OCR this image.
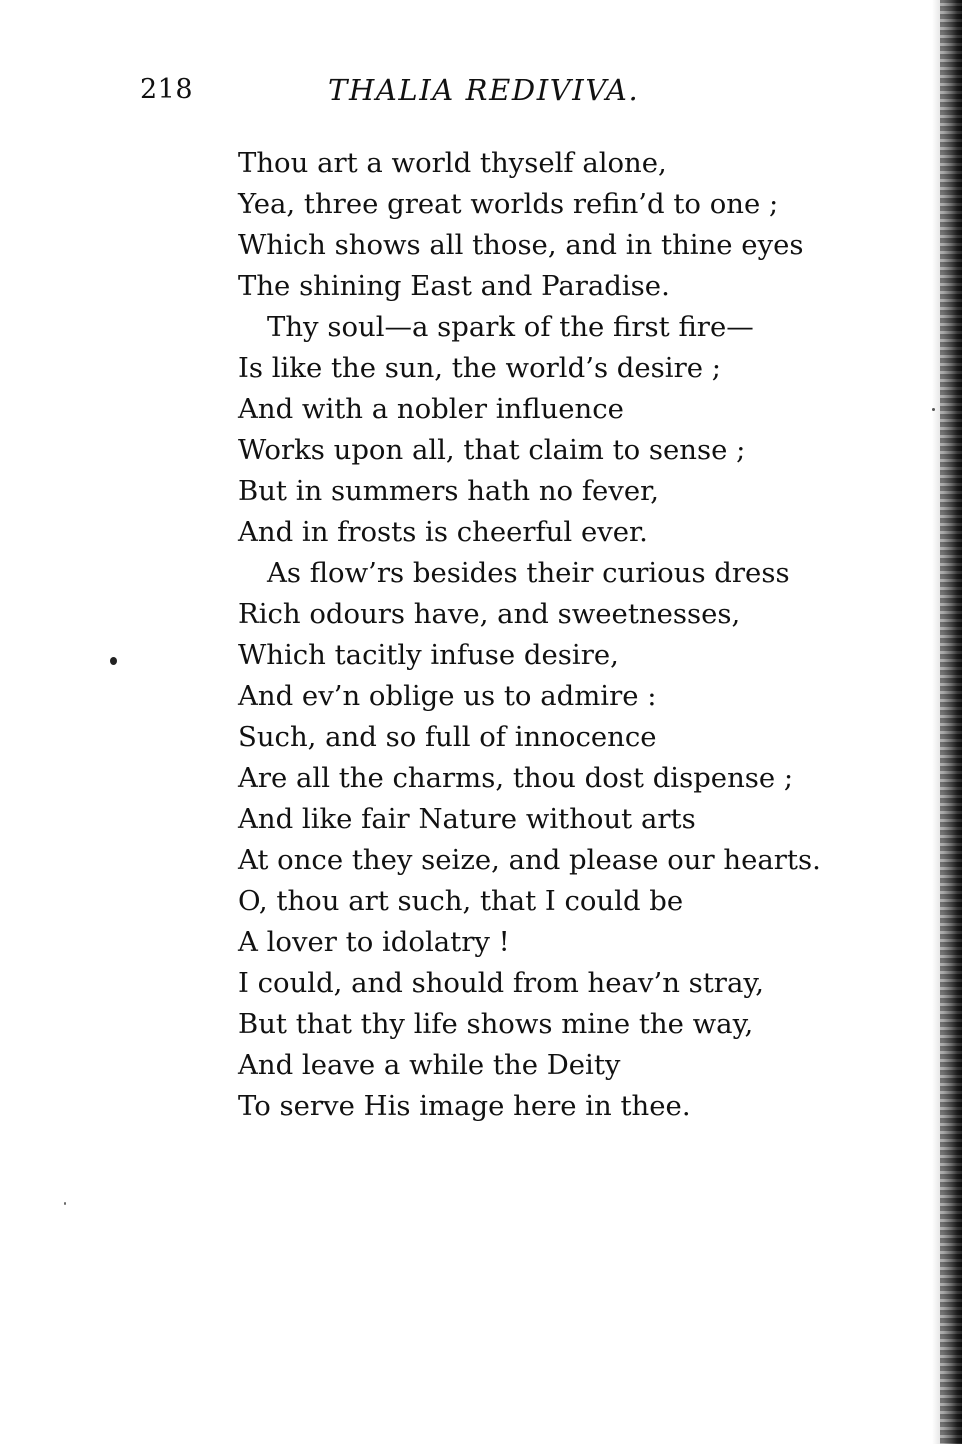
218	THALIA REDIVIVA.
Thou art a world thyself alone,
Yea, three great worlds refin’d to one ;
Which shows all those, and in thine eyes
The shining East and Paradise.
Thy soul—a spark of the first fire—
Is like the sun, the world’s desire ;
And with a nobler influence
Works upon all, that claim to sense ;
But in summers hath no fever,
And in frosts is cheerful ever.
As flow’rs besides their curious dress
Rich odours have, and sweetnesses,
Which tacitly infuse desire,
And ev’n oblige us to admire :
Such, and so full of innocence
Are all the charms, thou dost dispense ;
And like fair Nature without arts
At once they seize, and please our hearts.
O, thou art such, that I could be
A lover to idolatry !
I could, and should from heav’n stray,
But that thy life shows mine the way,
And leave a while the Deity
To serve His image here in thee.
